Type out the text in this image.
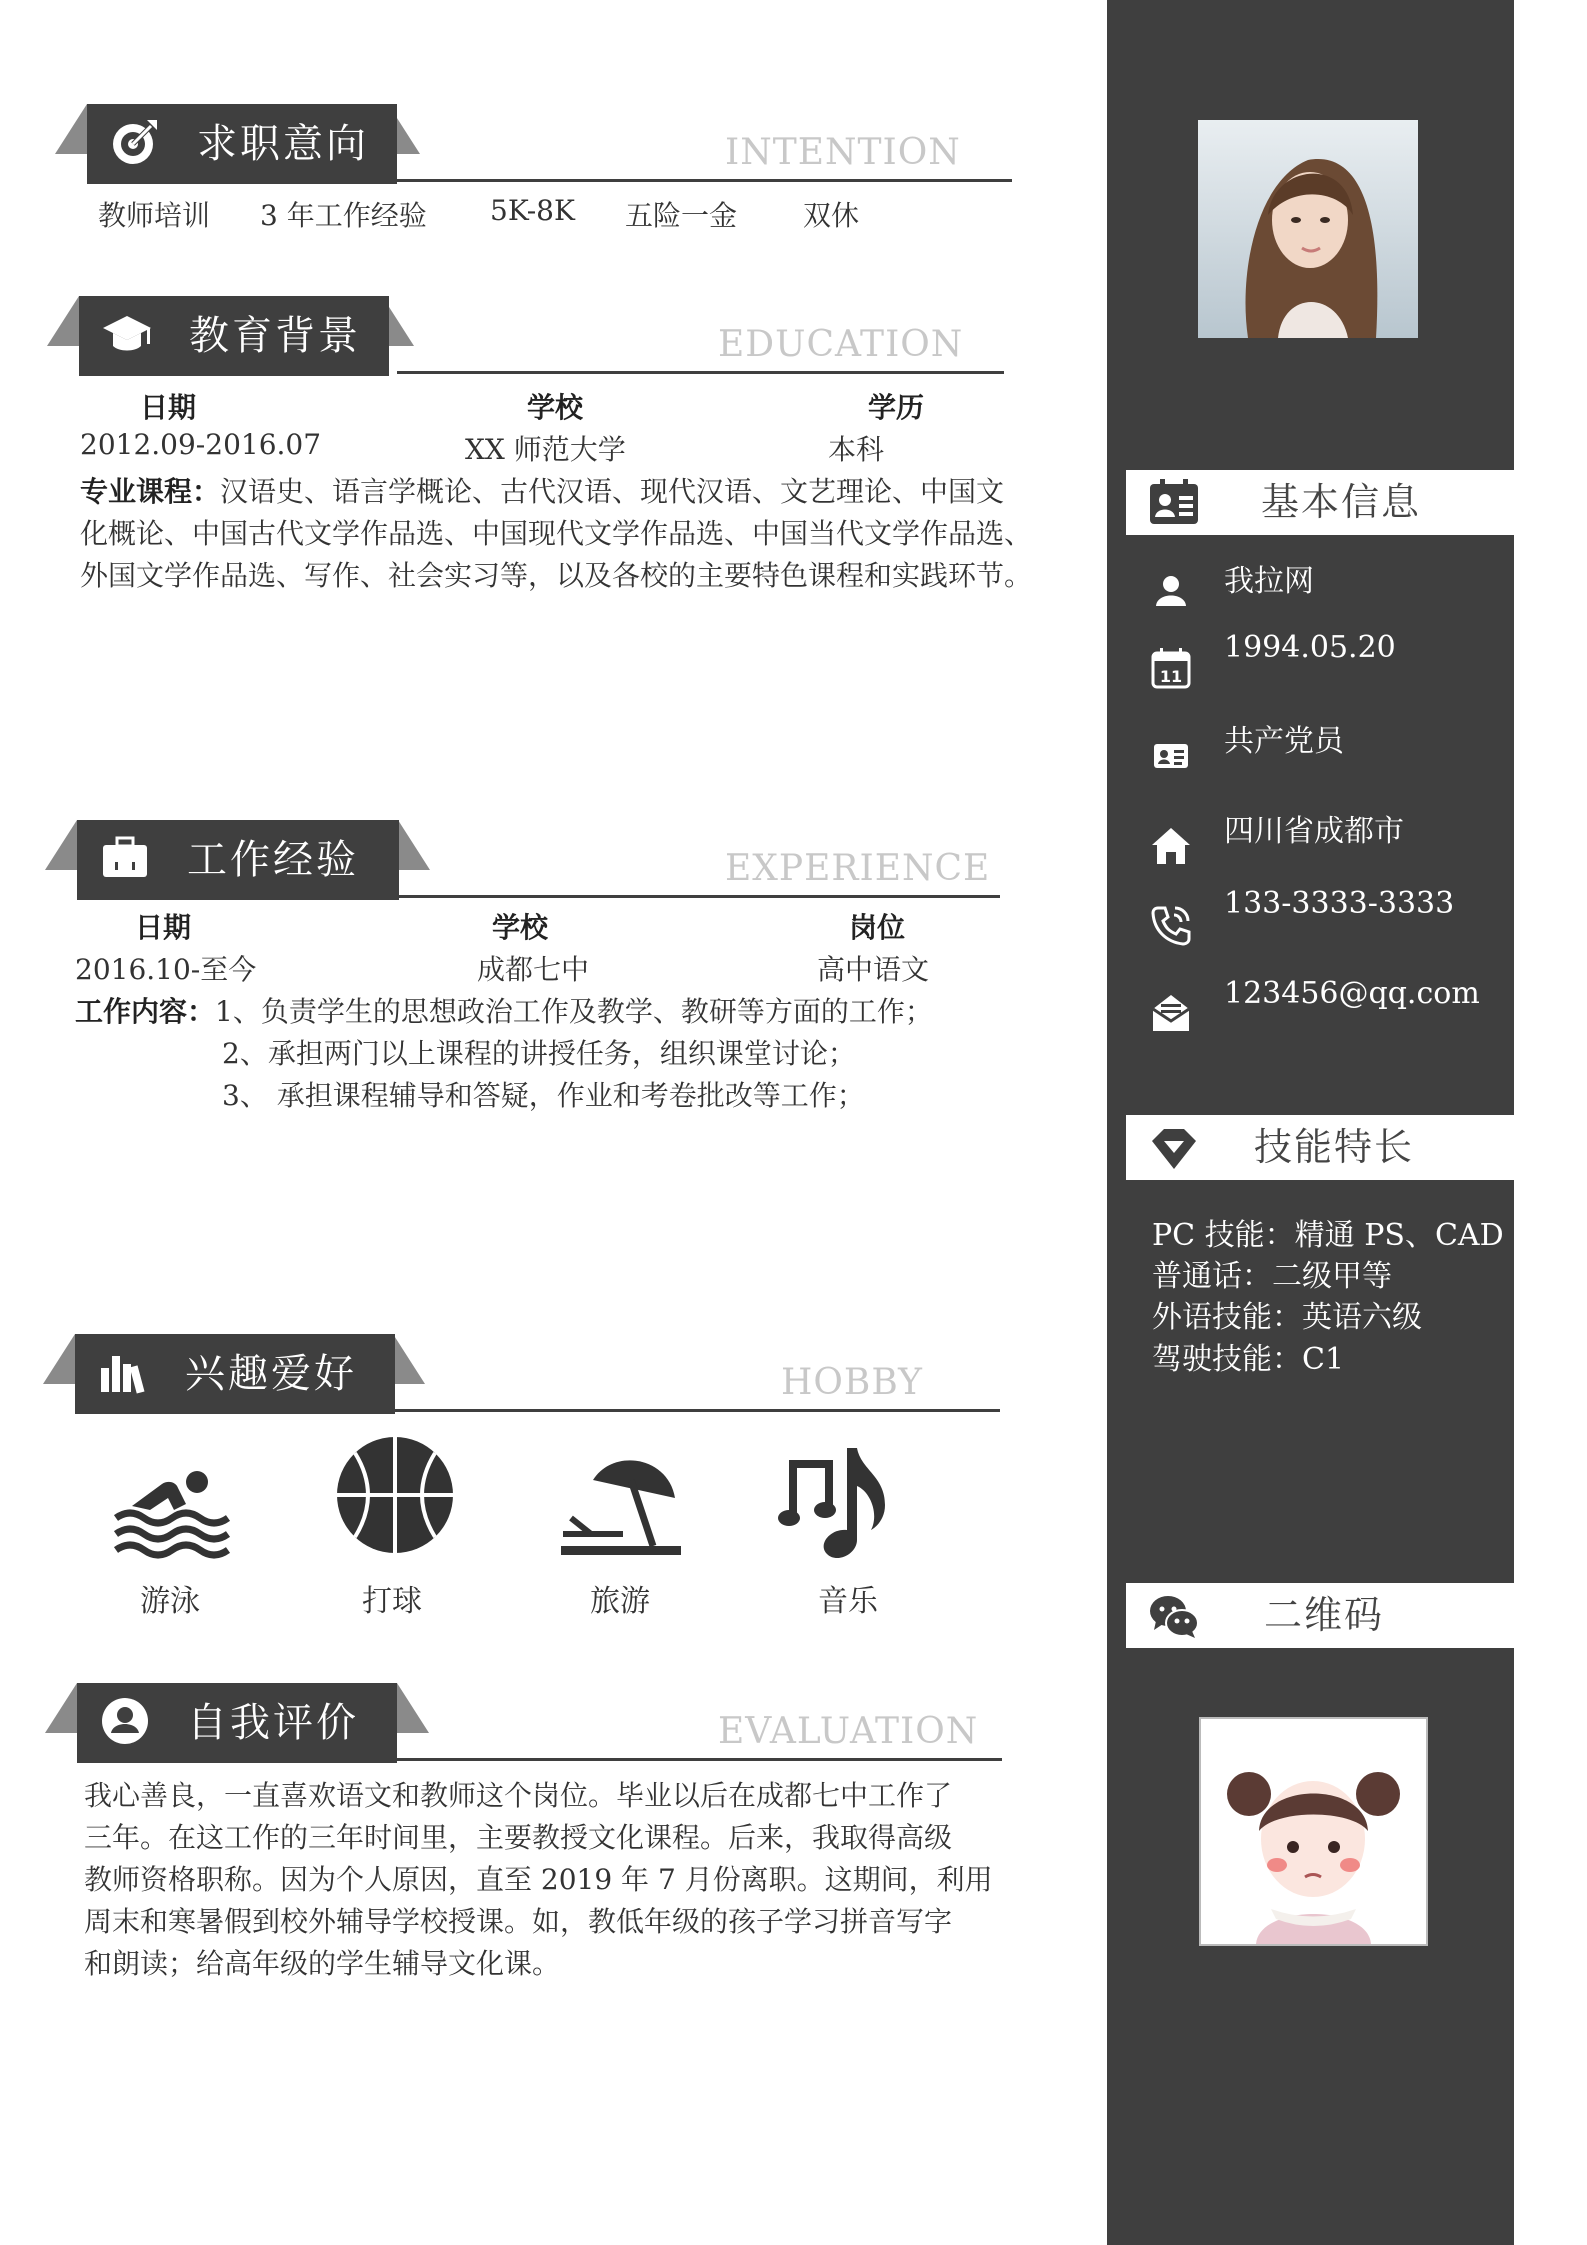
基本信息
我拉网
11
1994.05.20
共产党员
四川省成都市
133-3333-3333
123456@qq.com
技能特长
PC 技能：精通 PS、CAD
普通话：二级甲等
外语技能：英语六级
驾驶技能：C1
二维码
求职意向	INTENTION
教师培训 3 年工作经验 5K-8K 五险一金 双休
教育背景	EDUCATION
日期	学校	学历
2012.09-2016.07	XX 师范大学	本科
专业课程：汉语史、语言学概论、古代汉语、现代汉语、文艺理论、中国文
化概论、中国古代文学作品选、中国现代文学作品选、中国当代文学作品选、
外国文学作品选、写作、社会实习等，以及各校的主要特色课程和实践环节。
工作经验	EXPERIENCE
日期	学校	岗位
2016.10-至今	成都七中	高中语文
工作内容：1、负责学生的思想政治工作及教学、教研等方面的工作；
2、承担两门以上课程的讲授任务，组织课堂讨论；
3、 承担课程辅导和答疑，作业和考卷批改等工作；
兴趣爱好	HOBBY
游泳	打球	旅游	音乐
自我评价	EVALUATION
我心善良，一直喜欢语文和教师这个岗位。毕业以后在成都七中工作了
三年。在这工作的三年时间里，主要教授文化课程。后来，我取得高级
教师资格职称。因为个人原因，直至 2019 年 7 月份离职。这期间，利用
周末和寒暑假到校外辅导学校授课。如，教低年级的孩子学习拼音写字
和朗读；给高年级的学生辅导文化课。
